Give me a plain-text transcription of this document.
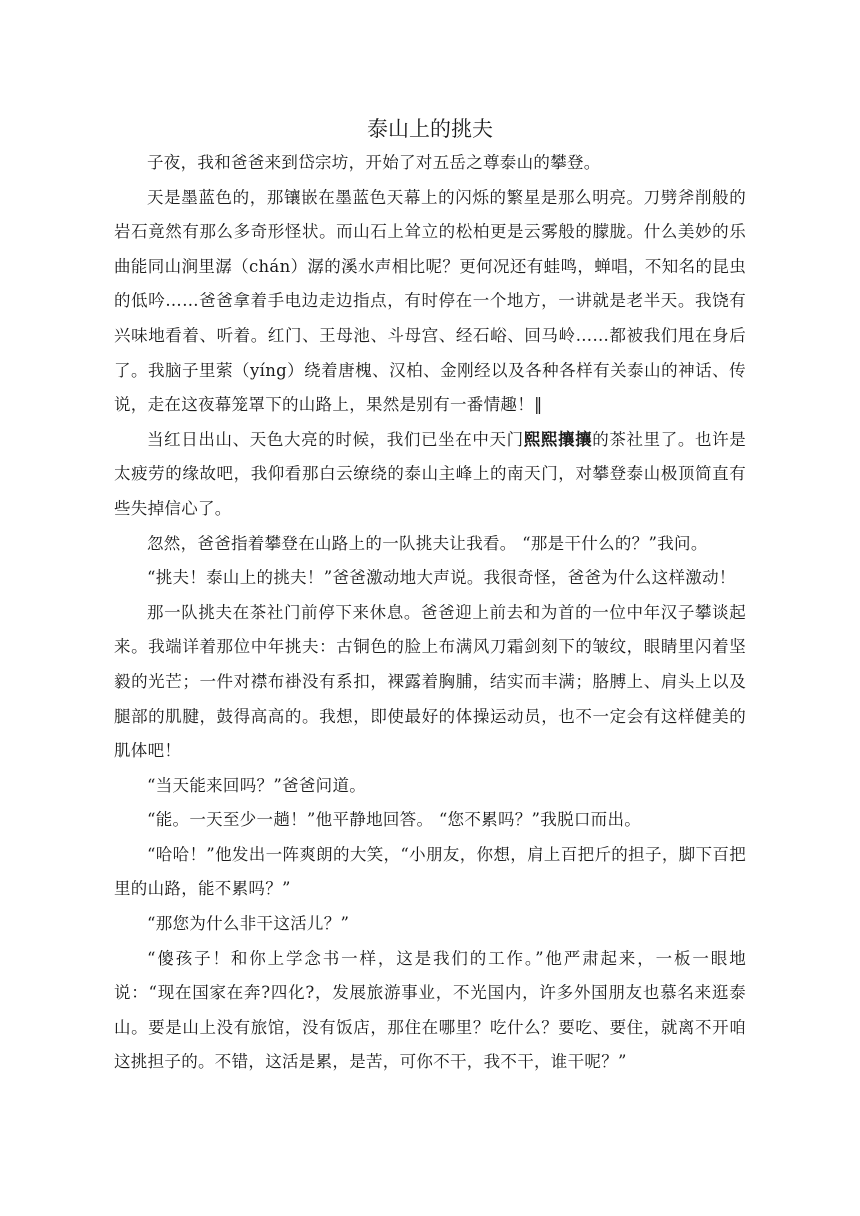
泰山上的挑夫

子夜，我和爸爸来到岱宗坊，开始了对五岳之尊泰山的攀登。

天是墨蓝色的，那镶嵌在墨蓝色天幕上的闪烁的繁星是那么明亮。刀劈斧削般的岩石竟然有那么多奇形怪状。而山石上耸立的松柏更是云雾般的朦胧。什么美妙的乐曲能同山涧里潺（chán）潺的溪水声相比呢？更何况还有蛙鸣，蝉唱，不知名的昆虫的低吟……爸爸拿着手电边走边指点，有时停在一个地方，一讲就是老半天。我饶有兴味地看着、听着。红门、王母池、斗母宫、经石峪、回马岭……都被我们甩在身后了。我脑子里萦（yíng）绕着唐槐、汉柏、金刚经以及各种各样有关泰山的神话、传说，走在这夜幕笼罩下的山路上，果然是别有一番情趣！‖

当红日出山、天色大亮的时候，我们已坐在中天门熙熙攘攘的茶社里了。也许是太疲劳的缘故吧，我仰看那白云缭绕的泰山主峰上的南天门，对攀登泰山极顶简直有些失掉信心了。

忽然，爸爸指着攀登在山路上的一队挑夫让我看。 “那是干什么的？”我问。

“挑夫！泰山上的挑夫！”爸爸激动地大声说。我很奇怪，爸爸为什么这样激动！

那一队挑夫在茶社门前停下来休息。爸爸迎上前去和为首的一位中年汉子攀谈起来。我端详着那位中年挑夫：古铜色的脸上布满风刀霜剑刻下的皱纹，眼睛里闪着坚毅的光芒；一件对襟布褂没有系扣，裸露着胸脯，结实而丰满；胳膊上、肩头上以及腿部的肌腱，鼓得高高的。我想，即使最好的体操运动员，也不一定会有这样健美的肌体吧！

“当天能来回吗？”爸爸问道。

“能。一天至少一趟！”他平静地回答。 “您不累吗？”我脱口而出。

“哈哈！”他发出一阵爽朗的大笑，“小朋友，你想，肩上百把斤的担子，脚下百把里的山路，能不累吗？”

“那您为什么非干这活儿？”

“傻孩子！和你上学念书一样，这是我们的工作。”他严肃起来，一板一眼地说：“现在国家在奔?四化?，发展旅游事业，不光国内，许多外国朋友也慕名来逛泰山。要是山上没有旅馆，没有饭店，那住在哪里？吃什么？要吃、要住，就离不开咱这挑担子的。不错，这活是累，是苦，可你不干，我不干，谁干呢？”
